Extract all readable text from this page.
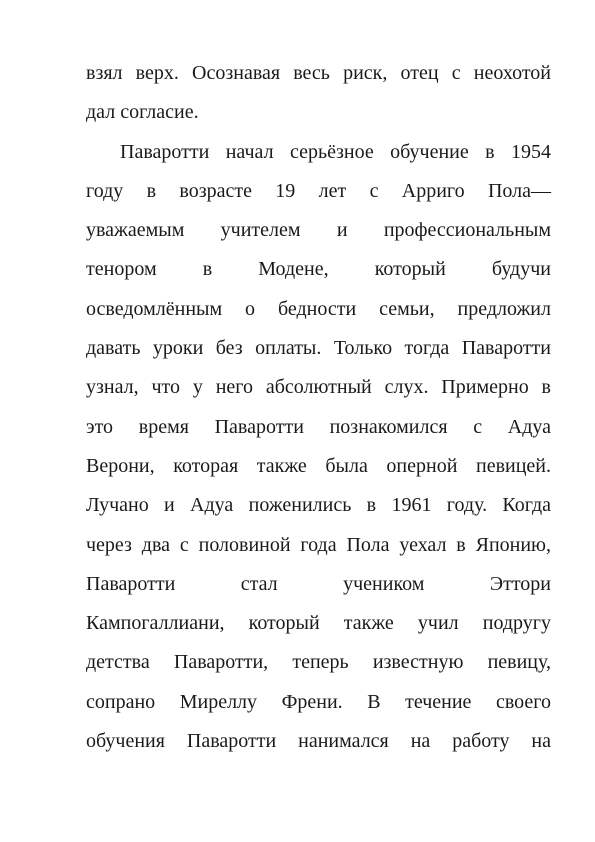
взял верх. Осознавая весь риск, отец с неохотой
дал согласие.
Паваротти начал серьёзное обучение в 1954
году в возрасте 19 лет с Арриго Пола—
уважаемым учителем и профессиональным
тенором в Модене, который будучи
осведомлённым о бедности семьи, предложил
давать уроки без оплаты. Только тогда Паваротти
узнал, что у него абсолютный слух. Примерно в
это время Паваротти познакомился с Адуа
Верони, которая также была оперной певицей.
Лучано и Адуа поженились в 1961 году. Когда
через два с половиной года Пола уехал в Японию,
Паваротти стал учеником Эттори
Кампогаллиани, который также учил подругу
детства Паваротти, теперь известную певицу,
сопрано Миреллу Френи. В течение своего
обучения Паваротти нанимался на работу на
